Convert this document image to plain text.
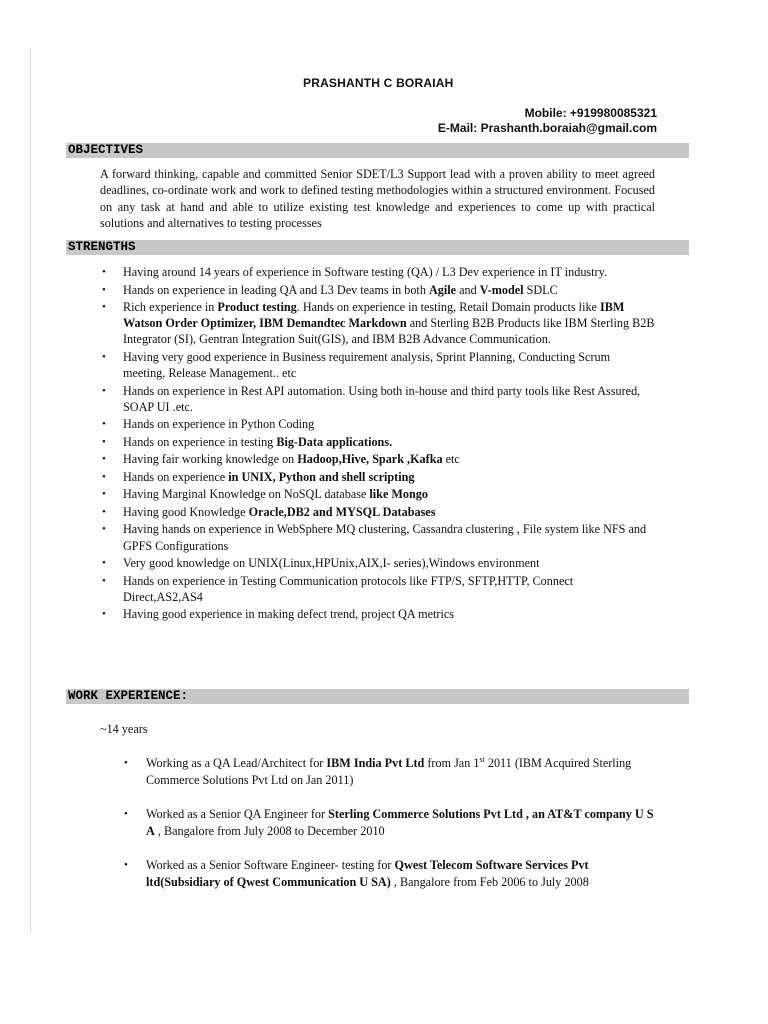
PRASHANTH C BORAIAH
Mobile: +919980085321
E-Mail: Prashanth.boraiah@gmail.com
OBJECTIVES
A forward thinking, capable and committed Senior SDET/L3 Support lead with a proven ability to meet agreed deadlines, co-ordinate work and work to defined testing methodologies within a structured environment. Focused on any task at hand and able to utilize existing test knowledge and experiences to come up with practical solutions and alternatives to testing processes
STRENGTHS
• Having around 14 years of experience in Software testing (QA) / L3 Dev experience in IT industry.
• Hands on experience in leading QA and L3 Dev teams in both Agile and V-model SDLC
• Rich experience in Product testing. Hands on experience in testing, Retail Domain products like IBM Watson Order Optimizer, IBM Demandtec Markdown and Sterling B2B Products like IBM Sterling B2B Integrator (SI), Gentran Integration Suit(GIS), and IBM B2B Advance Communication.
• Having very good experience in Business requirement analysis, Sprint Planning, Conducting Scrum meeting, Release Management.. etc
• Hands on experience in Rest API automation. Using both in-house and third party tools like Rest Assured, SOAP UI .etc.
• Hands on experience in Python Coding
• Hands on experience in testing Big-Data applications.
• Having fair working knowledge on Hadoop,Hive, Spark ,Kafka etc
• Hands on experience in UNIX, Python and shell scripting
• Having Marginal Knowledge on NoSQL database like Mongo
• Having good Knowledge Oracle,DB2 and MYSQL Databases
• Having hands on experience in WebSphere MQ clustering, Cassandra clustering , File system like NFS and GPFS Configurations
• Very good knowledge on UNIX(Linux,HPUnix,AIX,I- series),Windows environment
• Hands on experience in Testing Communication protocols like FTP/S, SFTP,HTTP, Connect Direct,AS2,AS4
• Having good experience in making defect trend, project QA metrics
WORK EXPERIENCE:
~14 years
• Working as a QA Lead/Architect for IBM India Pvt Ltd from Jan 1st 2011 (IBM Acquired Sterling Commerce Solutions Pvt Ltd on Jan 2011)
• Worked as a Senior QA Engineer for Sterling Commerce Solutions Pvt Ltd , an AT&T company U S A , Bangalore from July 2008 to December 2010
• Worked as a Senior Software Engineer- testing for Qwest Telecom Software Services Pvt ltd(Subsidiary of Qwest Communication U SA) , Bangalore from Feb 2006 to July 2008
